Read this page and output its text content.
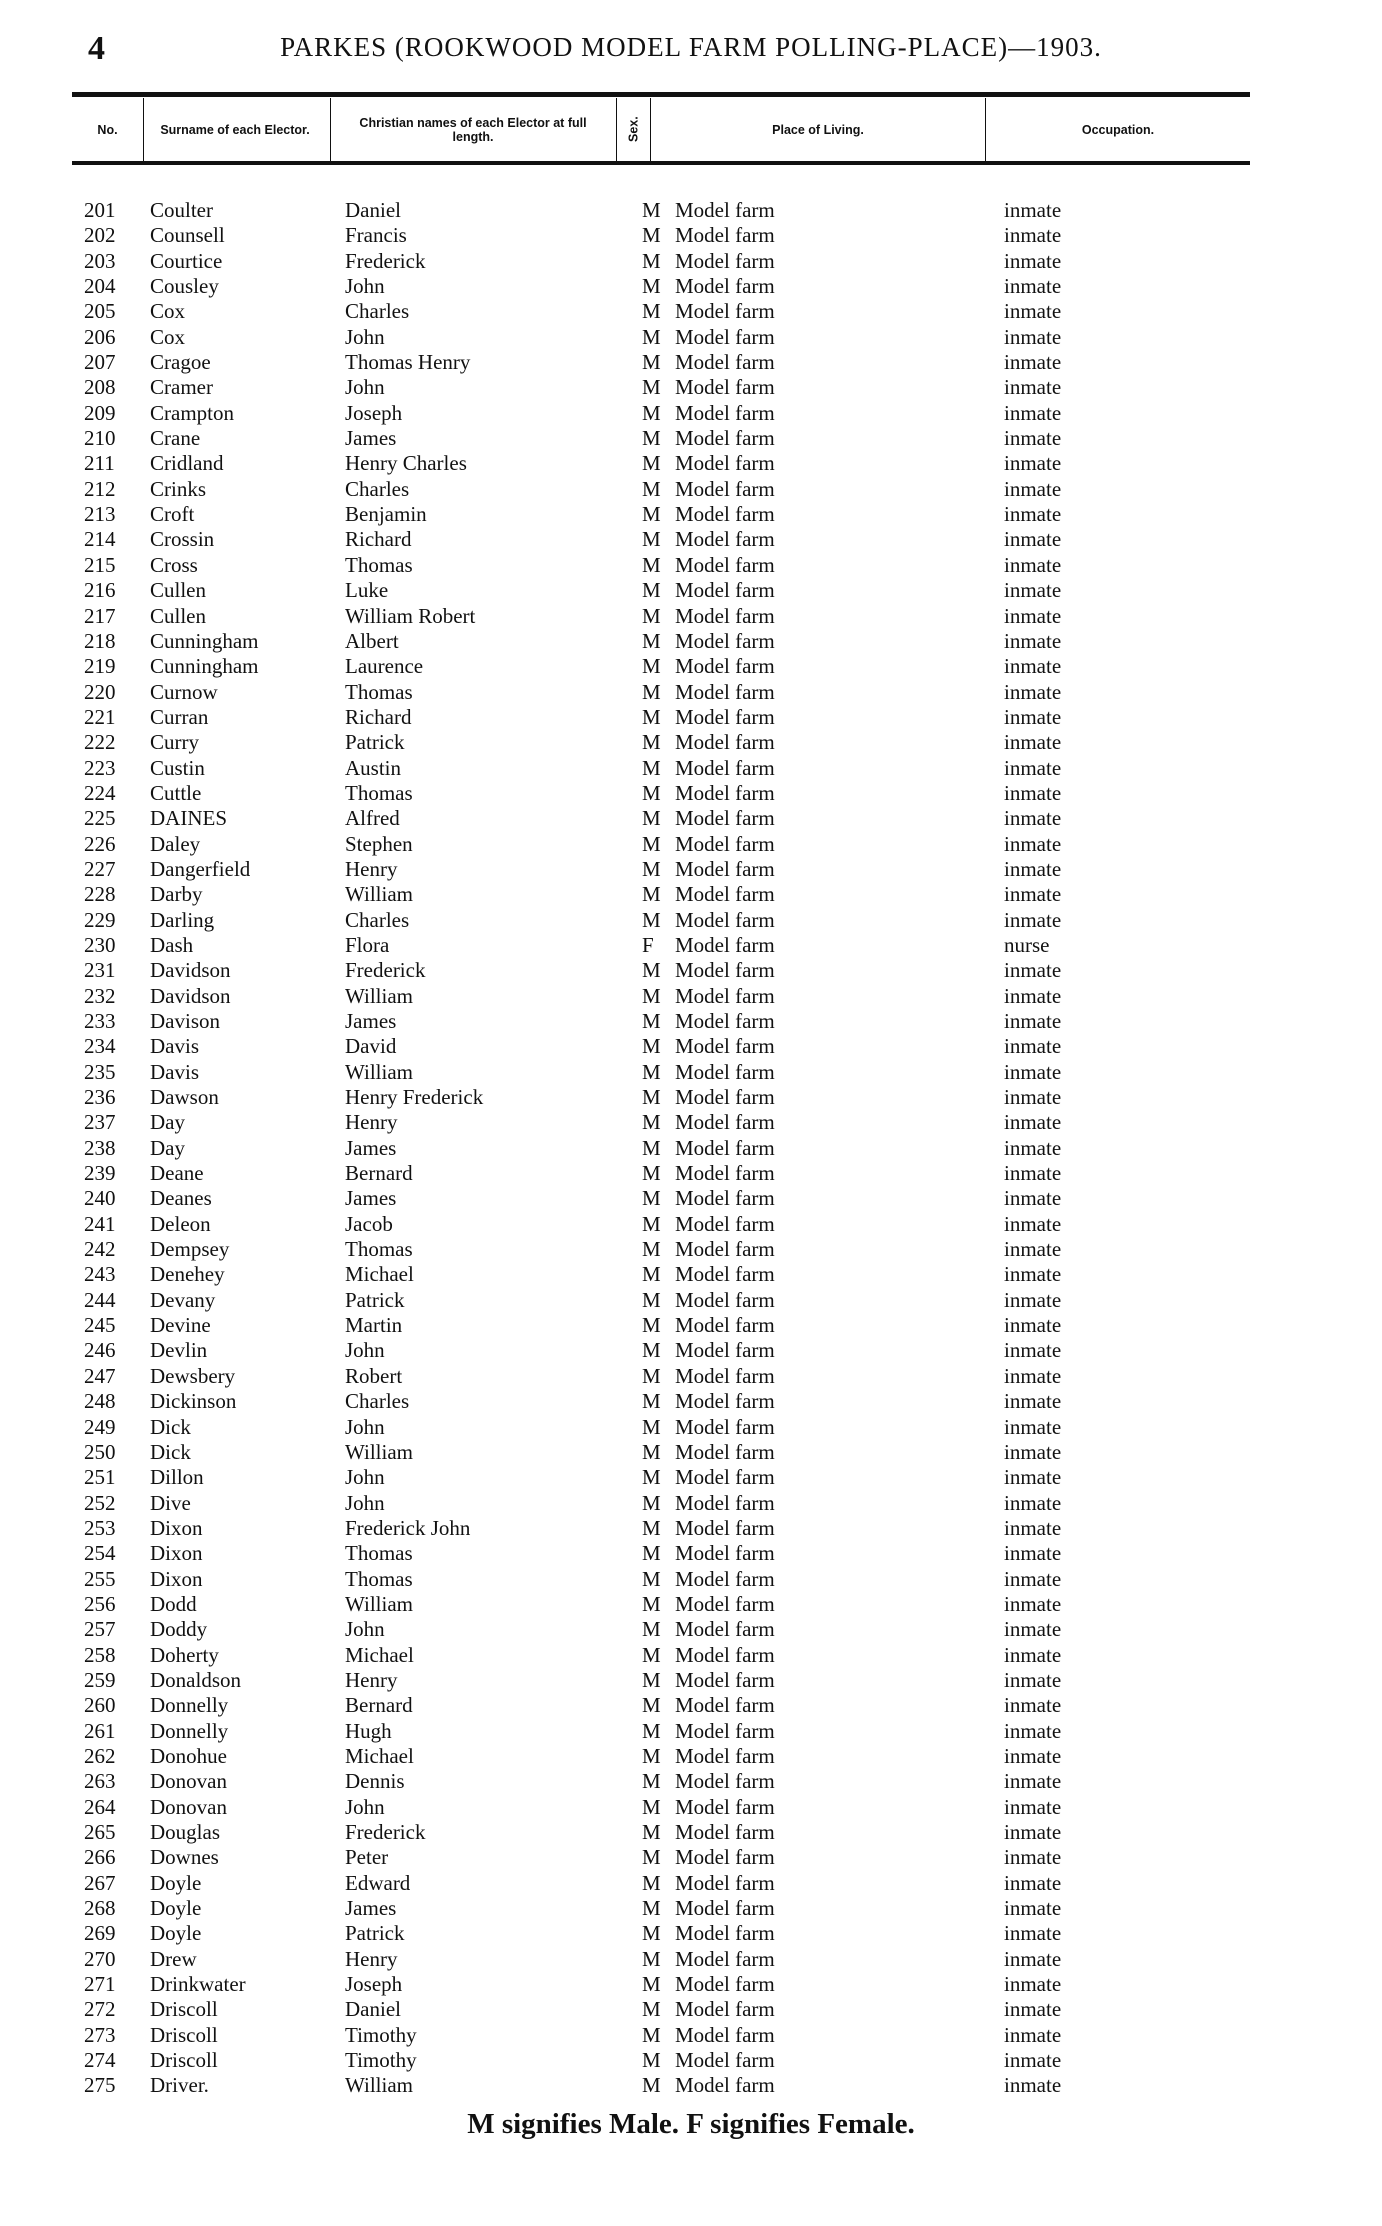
4	PARKES (ROOKWOOD MODEL FARM POLLING-PLACE)—1903.
No.	Surname of each Elector.	Christian names of each Elector at full length.	Sex.	Place of Living.	Occupation.
201 Coulter	Daniel	M Model farm	inmate
202 Counsell	Francis	M Model farm	inmate
203 Courtice	Frederick	M Model farm	inmate
204 Cousley	John	M Model farm	inmate
205 Cox	Charles	M Model farm	inmate
206 Cox	John	M Model farm	inmate
207 Cragoe	Thomas Henry	M Model farm	inmate
208 Cramer	John	M Model farm	inmate
209 Crampton	Joseph	M Model farm	inmate
210 Crane	James	M Model farm	inmate
211 Cridland	Henry Charles	M Model farm	inmate
212 Crinks	Charles	M Model farm	inmate
213 Croft	Benjamin	M Model farm	inmate
214 Crossin	Richard	M Model farm	inmate
215 Cross	Thomas	M Model farm	inmate
216 Cullen	Luke	M Model farm	inmate
217 Cullen	William Robert	M Model farm	inmate
218 Cunningham	Albert	M Model farm	inmate
219 Cunningham	Laurence	M Model farm	inmate
220 Curnow	Thomas	M Model farm	inmate
221 Curran	Richard	M Model farm	inmate
222 Curry	Patrick	M Model farm	inmate
223 Custin	Austin	M Model farm	inmate
224 Cuttle	Thomas	M Model farm	inmate
225 DAINES	Alfred	M Model farm	inmate
226 Daley	Stephen	M Model farm	inmate
227 Dangerfield	Henry	M Model farm	inmate
228 Darby	William	M Model farm	inmate
229 Darling	Charles	M Model farm	inmate
230 Dash	Flora	F Model farm	nurse
231 Davidson	Frederick	M Model farm	inmate
232 Davidson	William	M Model farm	inmate
233 Davison	James	M Model farm	inmate
234 Davis	David	M Model farm	inmate
235 Davis	William	M Model farm	inmate
236 Dawson	Henry Frederick	M Model farm	inmate
237 Day	Henry	M Model farm	inmate
238 Day	James	M Model farm	inmate
239 Deane	Bernard	M Model farm	inmate
240 Deanes	James	M Model farm	inmate
241 Deleon	Jacob	M Model farm	inmate
242 Dempsey	Thomas	M Model farm	inmate
243 Denehey	Michael	M Model farm	inmate
244 Devany	Patrick	M Model farm	inmate
245 Devine	Martin	M Model farm	inmate
246 Devlin	John	M Model farm	inmate
247 Dewsbery	Robert	M Model farm	inmate
248 Dickinson	Charles	M Model farm	inmate
249 Dick	John	M Model farm	inmate
250 Dick	William	M Model farm	inmate
251 Dillon	John	M Model farm	inmate
252 Dive	John	M Model farm	inmate
253 Dixon	Frederick John	M Model farm	inmate
254 Dixon	Thomas	M Model farm	inmate
255 Dixon	Thomas	M Model farm	inmate
256 Dodd	William	M Model farm	inmate
257 Doddy	John	M Model farm	inmate
258 Doherty	Michael	M Model farm	inmate
259 Donaldson	Henry	M Model farm	inmate
260 Donnelly	Bernard	M Model farm	inmate
261 Donnelly	Hugh	M Model farm	inmate
262 Donohue	Michael	M Model farm	inmate
263 Donovan	Dennis	M Model farm	inmate
264 Donovan	John	M Model farm	inmate
265 Douglas	Frederick	M Model farm	inmate
266 Downes	Peter	M Model farm	inmate
267 Doyle	Edward	M Model farm	inmate
268 Doyle	James	M Model farm	inmate
269 Doyle	Patrick	M Model farm	inmate
270 Drew	Henry	M Model farm	inmate
271 Drinkwater	Joseph	M Model farm	inmate
272 Driscoll	Daniel	M Model farm	inmate
273 Driscoll	Timothy	M Model farm	inmate
274 Driscoll	Timothy	M Model farm	inmate
275 Driver.	William	M Model farm	inmate
M signifies Male. F signifies Female.
